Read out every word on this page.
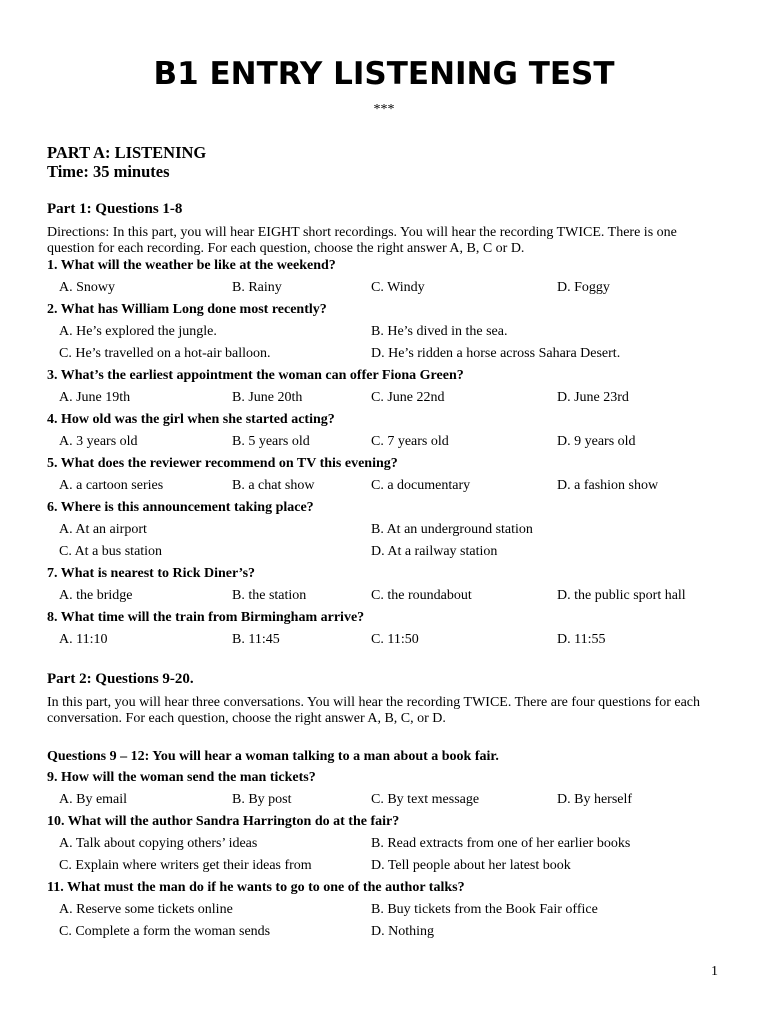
B1 ENTRY LISTENING TEST
***
PART A: LISTENING
Time: 35 minutes
Part 1: Questions 1-8
Directions: In this part, you will hear EIGHT short recordings. You will hear the recording TWICE. There is one question for each recording. For each question, choose the right answer A, B, C or D.
1. What will the weather be like at the weekend?
A. Snowy	B. Rainy	C. Windy	D. Foggy
2. What has William Long done most recently?
A. He’s explored the jungle.	B. He’s dived in the sea.
C. He’s travelled on a hot-air balloon.	D. He’s ridden a horse across Sahara Desert.
3. What’s the earliest appointment the woman can offer Fiona Green?
A. June 19th	B. June 20th	C. June 22nd	D. June 23rd
4. How old was the girl when she started acting?
A. 3 years old	B. 5 years old	C. 7 years old	D. 9 years old
5. What does the reviewer recommend on TV this evening?
A. a cartoon series	B. a chat show	C. a documentary	D. a fashion show
6. Where is this announcement taking place?
A. At an airport	B. At an underground station
C. At a bus station	D. At a railway station
7. What is nearest to Rick Diner’s?
A. the bridge	B. the station	C. the roundabout	D. the public sport hall
8. What time will the train from Birmingham arrive?
A. 11:10	B. 11:45	C. 11:50	D. 11:55
Part 2: Questions 9-20.
In this part, you will hear three conversations. You will hear the recording TWICE. There are four questions for each conversation. For each question, choose the right answer A, B, C, or D.
Questions 9 – 12: You will hear a woman talking to a man about a book fair.
9. How will the woman send the man tickets?
A. By email	B. By post	C. By text message	D. By herself
10. What will the author Sandra Harrington do at the fair?
A. Talk about copying others’ ideas	B. Read extracts from one of her earlier books
C. Explain where writers get their ideas from	D. Tell people about her latest book
11. What must the man do if he wants to go to one of the author talks?
A. Reserve some tickets online	B. Buy tickets from the Book Fair office
C. Complete a form the woman sends	D. Nothing
1
